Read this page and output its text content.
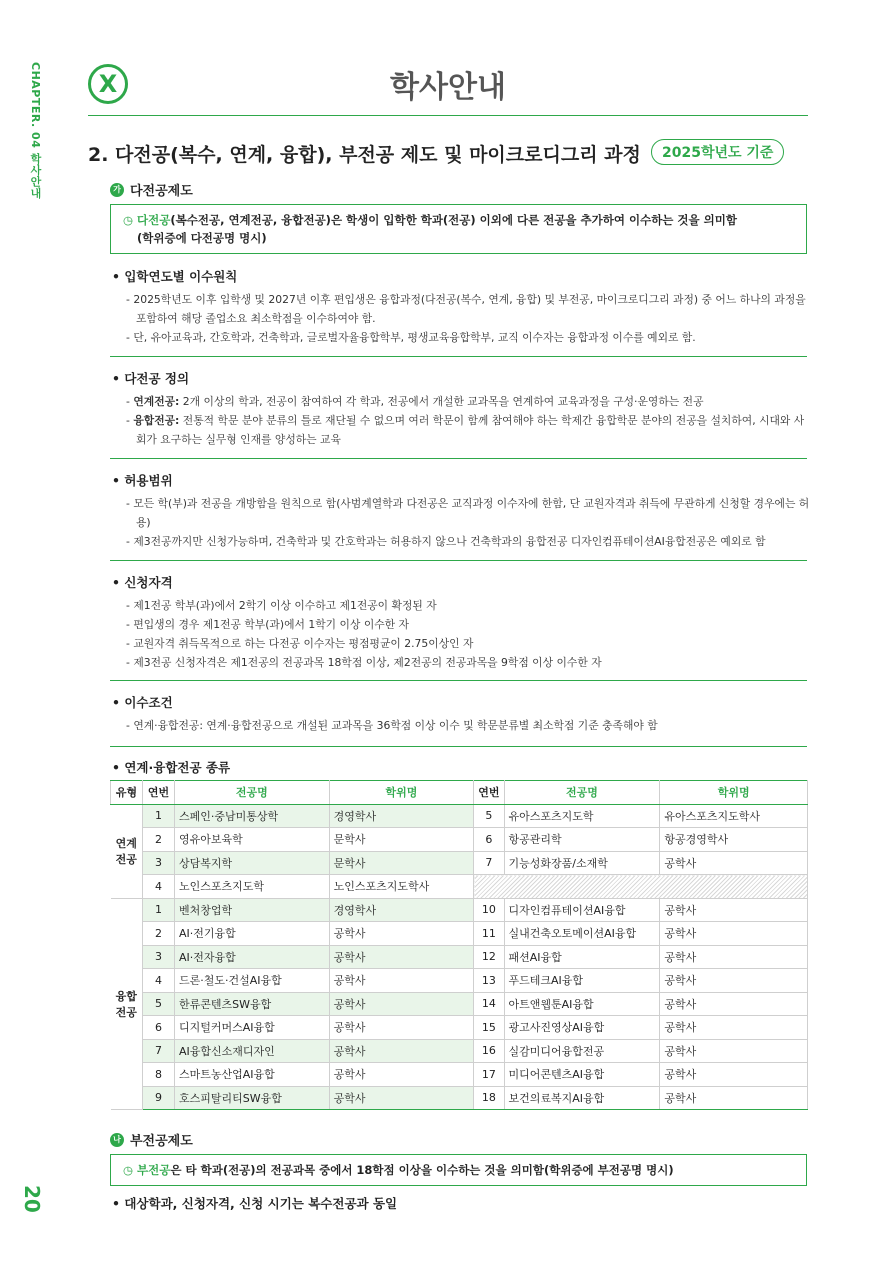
CHAPTER. 04 학사안내
20
X	학사안내
2. 다전공(복수, 연계, 융합), 부전공 제도 및 마이크로디그리 과정	2025학년도 기준
가 다전공제도
◷ 다전공(복수전공, 연계전공, 융합전공)은 학생이 입학한 학과(전공) 이외에 다른 전공을 추가하여 이수하는 것을 의미함
(학위증에 다전공명 명시)
• 입학연도별 이수원칙

- 2025학년도 이후 입학생 및 2027년 이후 편입생은 융합과정(다전공(복수, 연계, 융합) 및 부전공, 마이크로디그리 과정) 중 어느 하나의 과정을 포함하여 해당 졸업소요 최소학점을 이수하여야 함.

- 단, 유아교육과, 간호학과, 건축학과, 글로벌자율융합학부, 평생교육융합학부, 교직 이수자는 융합과정 이수를 예외로 함.

• 다전공 정의

- 연계전공: 2개 이상의 학과, 전공이 참여하여 각 학과, 전공에서 개설한 교과목을 연계하여 교육과정을 구성·운영하는 전공

- 융합전공: 전통적 학문 분야 분류의 틀로 재단될 수 없으며 여러 학문이 함께 참여해야 하는 학제간 융합학문 분야의 전공을 설치하여, 시대와 사회가 요구하는 실무형 인재를 양성하는 교육

• 허용범위

- 모든 학(부)과 전공을 개방함을 원칙으로 함(사범계열학과 다전공은 교직과정 이수자에 한함, 단 교원자격과 취득에 무관하게 신청할 경우에는 허용)

- 제3전공까지만 신청가능하며, 건축학과 및 간호학과는 허용하지 않으나 건축학과의 융합전공 디자인컴퓨테이션AI융합전공은 예외로 함

• 신청자격

- 제1전공 학부(과)에서 2학기 이상 이수하고 제1전공이 확정된 자

- 편입생의 경우 제1전공 학부(과)에서 1학기 이상 이수한 자

- 교원자격 취득목적으로 하는 다전공 이수자는 평점평균이 2.75이상인 자

- 제3전공 신청자격은 제1전공의 전공과목 18학점 이상, 제2전공의 전공과목을 9학점 이상 이수한 자

• 이수조건

- 연계·융합전공: 연계·융합전공으로 개설된 교과목을 36학점 이상 이수 및 학문분류별 최소학점 기준 충족해야 함

• 연계·융합전공 종류
유형	연번	전공명	학위명	연번	전공명	학위명
연계
전공	1	스페인·중남미통상학	경영학사	5	유아스포츠지도학	유아스포츠지도학사
	2	영유아보육학	문학사	6	항공관리학	항공경영학사
	3	상담복지학	문학사	7	기능성화장품/소재학	공학사
	4	노인스포츠지도학	노인스포츠지도학사			
융합
전공	1	벤처창업학	경영학사	10	디자인컴퓨테이션AI융합	공학사
	2	AI·전기융합	공학사	11	실내건축오토메이션AI융합	공학사
	3	AI·전자융합	공학사	12	패션AI융합	공학사
	4	드론·철도·건설AI융합	공학사	13	푸드테크AI융합	공학사
	5	한류콘텐츠SW융합	공학사	14	아트앤웹툰AI융합	공학사
	6	디지털커머스AI융합	공학사	15	광고사진영상AI융합	공학사
	7	AI융합신소재디자인	공학사	16	실감미디어융합전공	공학사
	8	스마트농산업AI융합	공학사	17	미디어콘텐츠AI융합	공학사
	9	호스피탈리티SW융합	공학사	18	보건의료복지AI융합	공학사
나 부전공제도
◷ 부전공은 타 학과(전공)의 전공과목 중에서 18학점 이상을 이수하는 것을 의미함(학위증에 부전공명 명시)
• 대상학과, 신청자격, 신청 시기는 복수전공과 동일
